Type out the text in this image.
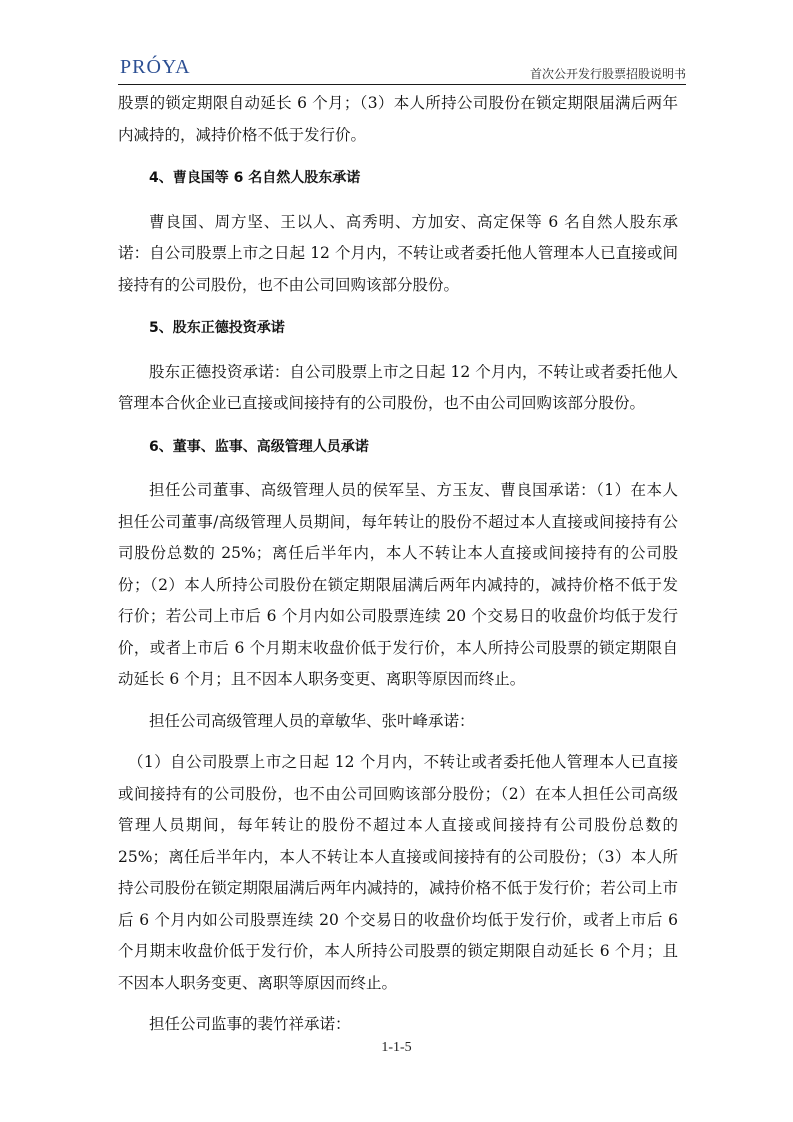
PRÓYA	首次公开发行股票招股说明书

股票的锁定期限自动延长 6 个月；（3）本人所持公司股份在锁定期限届满后两年内减持的，减持价格不低于发行价。

4、曹良国等 6 名自然人股东承诺

曹良国、周方坚、王以人、高秀明、方加安、高定保等 6 名自然人股东承诺：自公司股票上市之日起 12 个月内，不转让或者委托他人管理本人已直接或间接持有的公司股份，也不由公司回购该部分股份。

5、股东正德投资承诺

股东正德投资承诺：自公司股票上市之日起 12 个月内，不转让或者委托他人管理本合伙企业已直接或间接持有的公司股份，也不由公司回购该部分股份。

6、董事、监事、高级管理人员承诺

担任公司董事、高级管理人员的侯军呈、方玉友、曹良国承诺：（1）在本人担任公司董事/高级管理人员期间，每年转让的股份不超过本人直接或间接持有公司股份总数的 25%；离任后半年内，本人不转让本人直接或间接持有的公司股份；（2）本人所持公司股份在锁定期限届满后两年内减持的，减持价格不低于发行价；若公司上市后 6 个月内如公司股票连续 20 个交易日的收盘价均低于发行价，或者上市后 6 个月期末收盘价低于发行价，本人所持公司股票的锁定期限自动延长 6 个月；且不因本人职务变更、离职等原因而终止。

担任公司高级管理人员的章敏华、张叶峰承诺：

（1）自公司股票上市之日起 12 个月内，不转让或者委托他人管理本人已直接或间接持有的公司股份，也不由公司回购该部分股份；（2）在本人担任公司高级管理人员期间，每年转让的股份不超过本人直接或间接持有公司股份总数的 25%；离任后半年内，本人不转让本人直接或间接持有的公司股份；（3）本人所持公司股份在锁定期限届满后两年内减持的，减持价格不低于发行价；若公司上市后 6 个月内如公司股票连续 20 个交易日的收盘价均低于发行价，或者上市后 6 个月期末收盘价低于发行价，本人所持公司股票的锁定期限自动延长 6 个月；且不因本人职务变更、离职等原因而终止。

担任公司监事的裴竹祥承诺：

1-1-5
